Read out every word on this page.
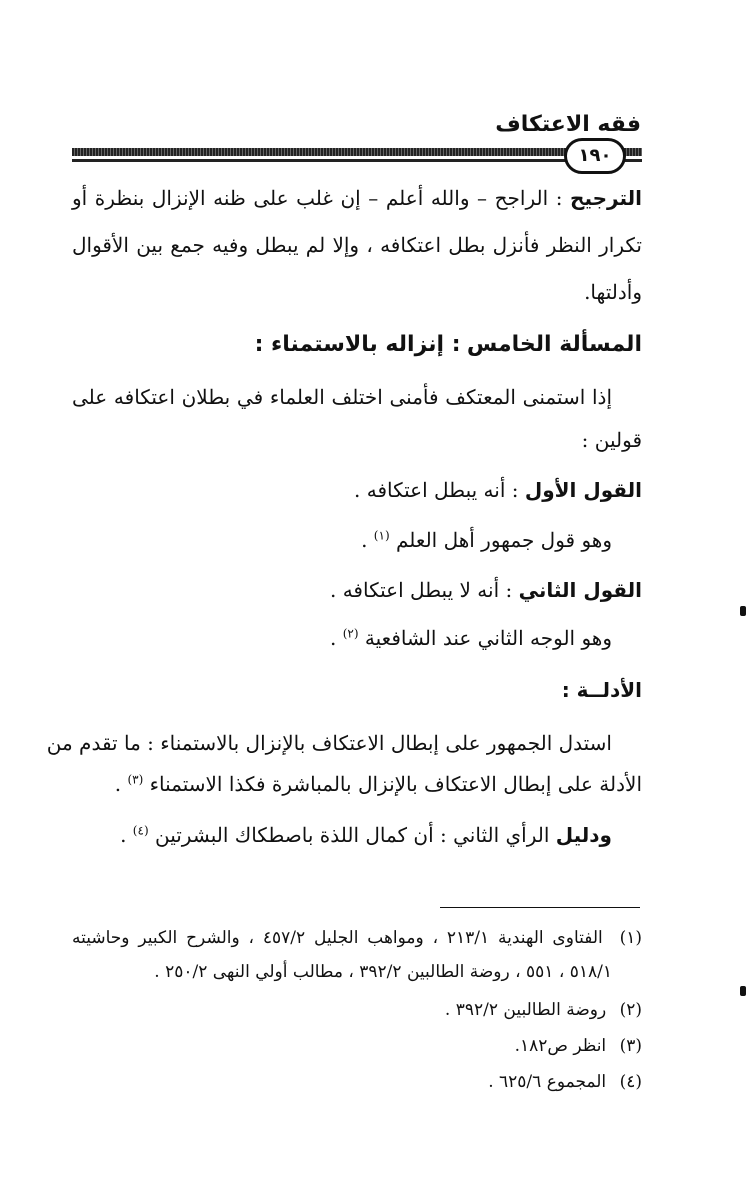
فقه الاعتكاف
١٩٠
الترجيح : الراجح – والله أعلم – إن غلب على ظنه الإنزال بنظرة أو
تكرار النظر فأنزل بطل اعتكافه ، وإلا لم يبطل وفيه جمع بين الأقوال
وأدلتها.
المسألة الخامس : إنزاله بالاستمناء :
إذا استمنى المعتكف فأمنى اختلف العلماء في بطلان اعتكافه على
قولين :
القول الأول : أنه يبطل اعتكافه .
وهو قول جمهور أهل العلم $^{(١)}$ .
القول الثاني : أنه لا يبطل اعتكافه .
وهو الوجه الثاني عند الشافعية $^{(٢)}$ .
الأدلــة :
استدل الجمهور على إبطال الاعتكاف بالإنزال بالاستمناء : ما تقدم من
الأدلة على إبطال الاعتكاف بالإنزال بالمباشرة فكذا الاستمناء $^{(٣)}$ .
ودليل الرأي الثاني : أن كمال اللذة باصطكاك البشرتين $^{(٤)}$ .
(١) الفتاوى الهندية ٢١٣/١ ، ومواهب الجليل ٤٥٧/٢ ، والشرح الكبير وحاشيته
٥١٨/١ ، ٥٥١ ، روضة الطالبين ٣٩٢/٢ ، مطالب أولي النهى ٢٥٠/٢ .
(٢) روضة الطالبين ٣٩٢/٢ .
(٣) انظر ص١٨٢.
(٤) المجموع ٦٢٥/٦ .
